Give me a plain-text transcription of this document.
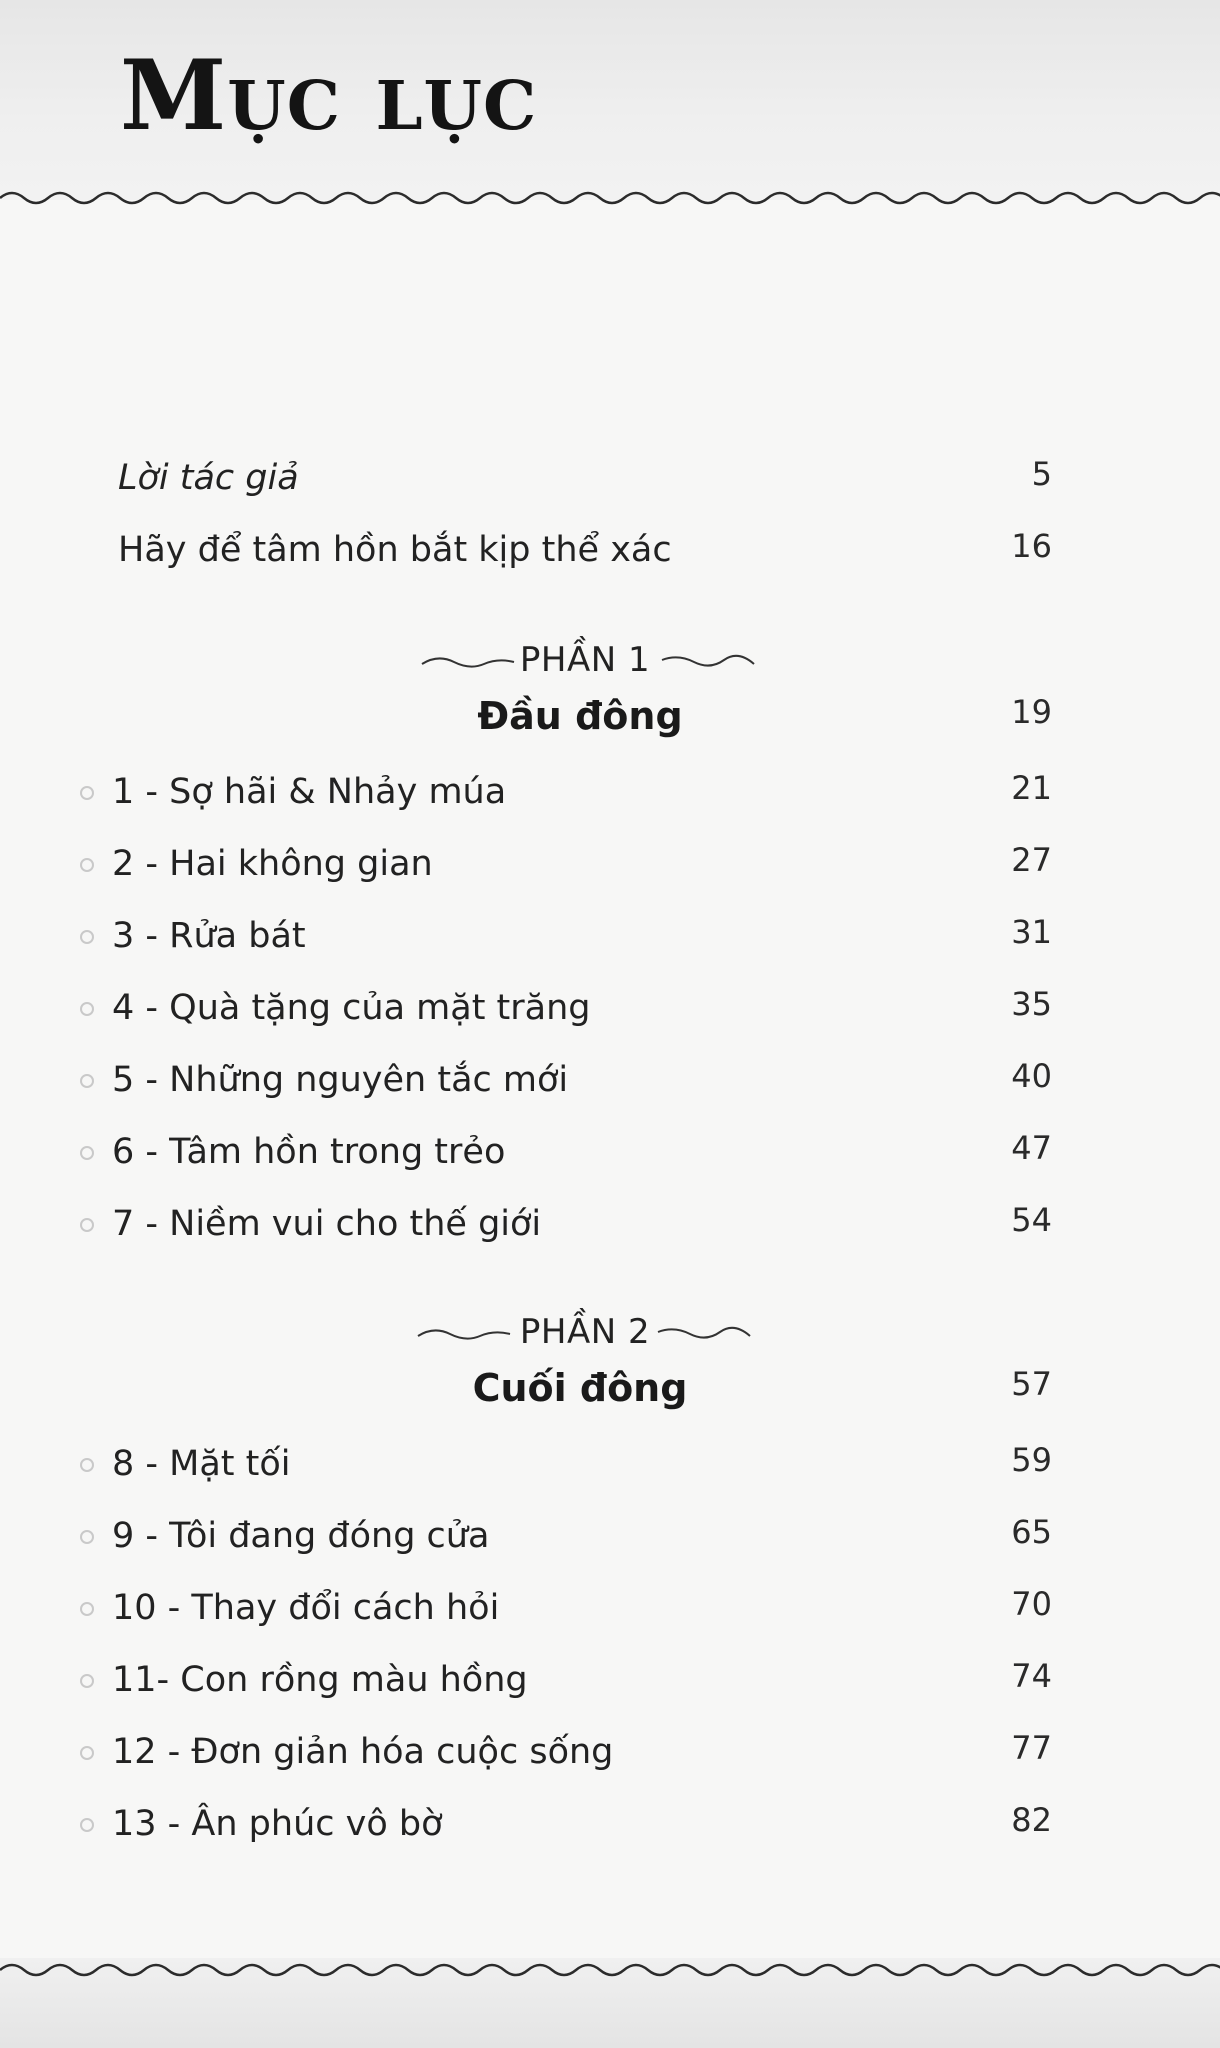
Mục lục
Lời tác giả	5
Hãy để tâm hồn bắt kịp thể xác	16
PHẦN 1
Đầu đông	19
1 - Sợ hãi & Nhảy múa	21
2 - Hai không gian	27
3 - Rửa bát	31
4 - Quà tặng của mặt trăng	35
5 - Những nguyên tắc mới	40
6 - Tâm hồn trong trẻo	47
7 - Niềm vui cho thế giới	54
PHẦN 2
Cuối đông	57
8 - Mặt tối	59
9 - Tôi đang đóng cửa	65
10 - Thay đổi cách hỏi	70
11- Con rồng màu hồng	74
12 - Đơn giản hóa cuộc sống	77
13 - Ân phúc vô bờ	82
